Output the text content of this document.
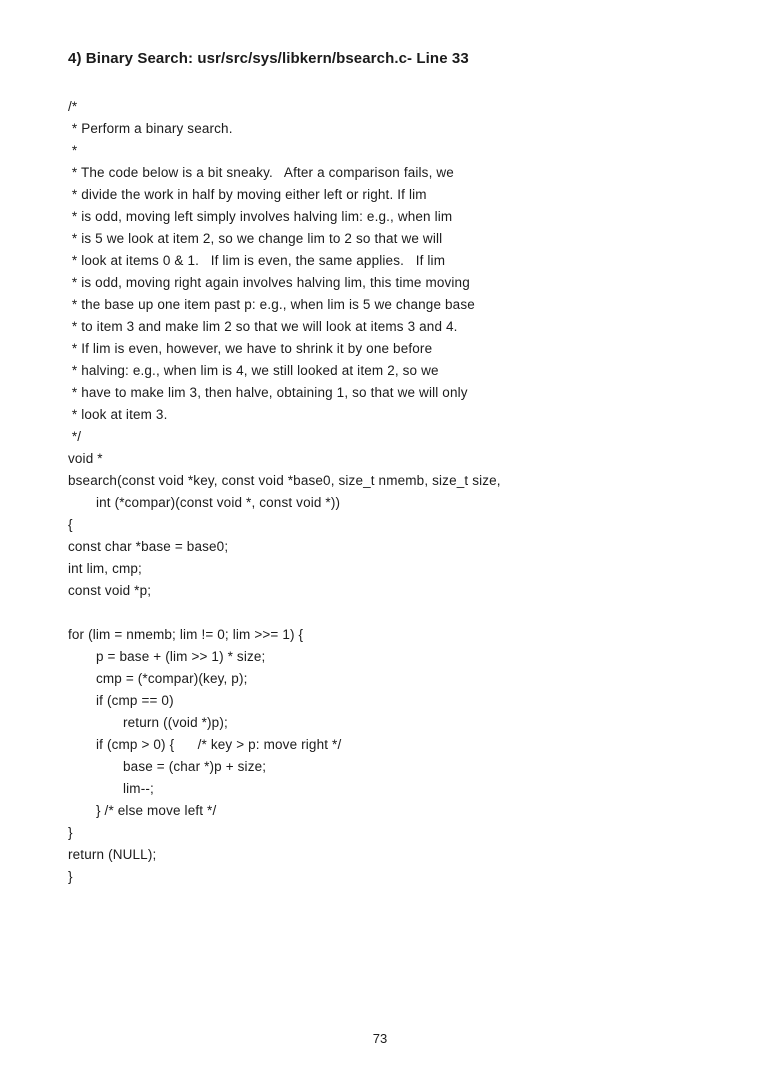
4) Binary Search: usr/src/sys/libkern/bsearch.c- Line 33
/*
* Perform a binary search.
*
* The code below is a bit sneaky.   After a comparison fails, we
* divide the work in half by moving either left or right. If lim
* is odd, moving left simply involves halving lim: e.g., when lim
* is 5 we look at item 2, so we change lim to 2 so that we will
* look at items 0 & 1.   If lim is even, the same applies.   If lim
* is odd, moving right again involves halving lim, this time moving
* the base up one item past p: e.g., when lim is 5 we change base
* to item 3 and make lim 2 so that we will look at items 3 and 4.
* If lim is even, however, we have to shrink it by one before
* halving: e.g., when lim is 4, we still looked at item 2, so we
* have to make lim 3, then halve, obtaining 1, so that we will only
* look at item 3.
*/
void *
bsearch(const void *key, const void *base0, size_t nmemb, size_t size,
int (*compar)(const void *, const void *))
{
const char *base = base0;
int lim, cmp;
const void *p;

for (lim = nmemb; lim != 0; lim >>= 1) {
p = base + (lim >> 1) * size;
cmp = (*compar)(key, p);
if (cmp == 0)
return ((void *)p);
if (cmp > 0) {      /* key > p: move right */
base = (char *)p + size;
lim--;
} /* else move left */
}
return (NULL);
}
73
